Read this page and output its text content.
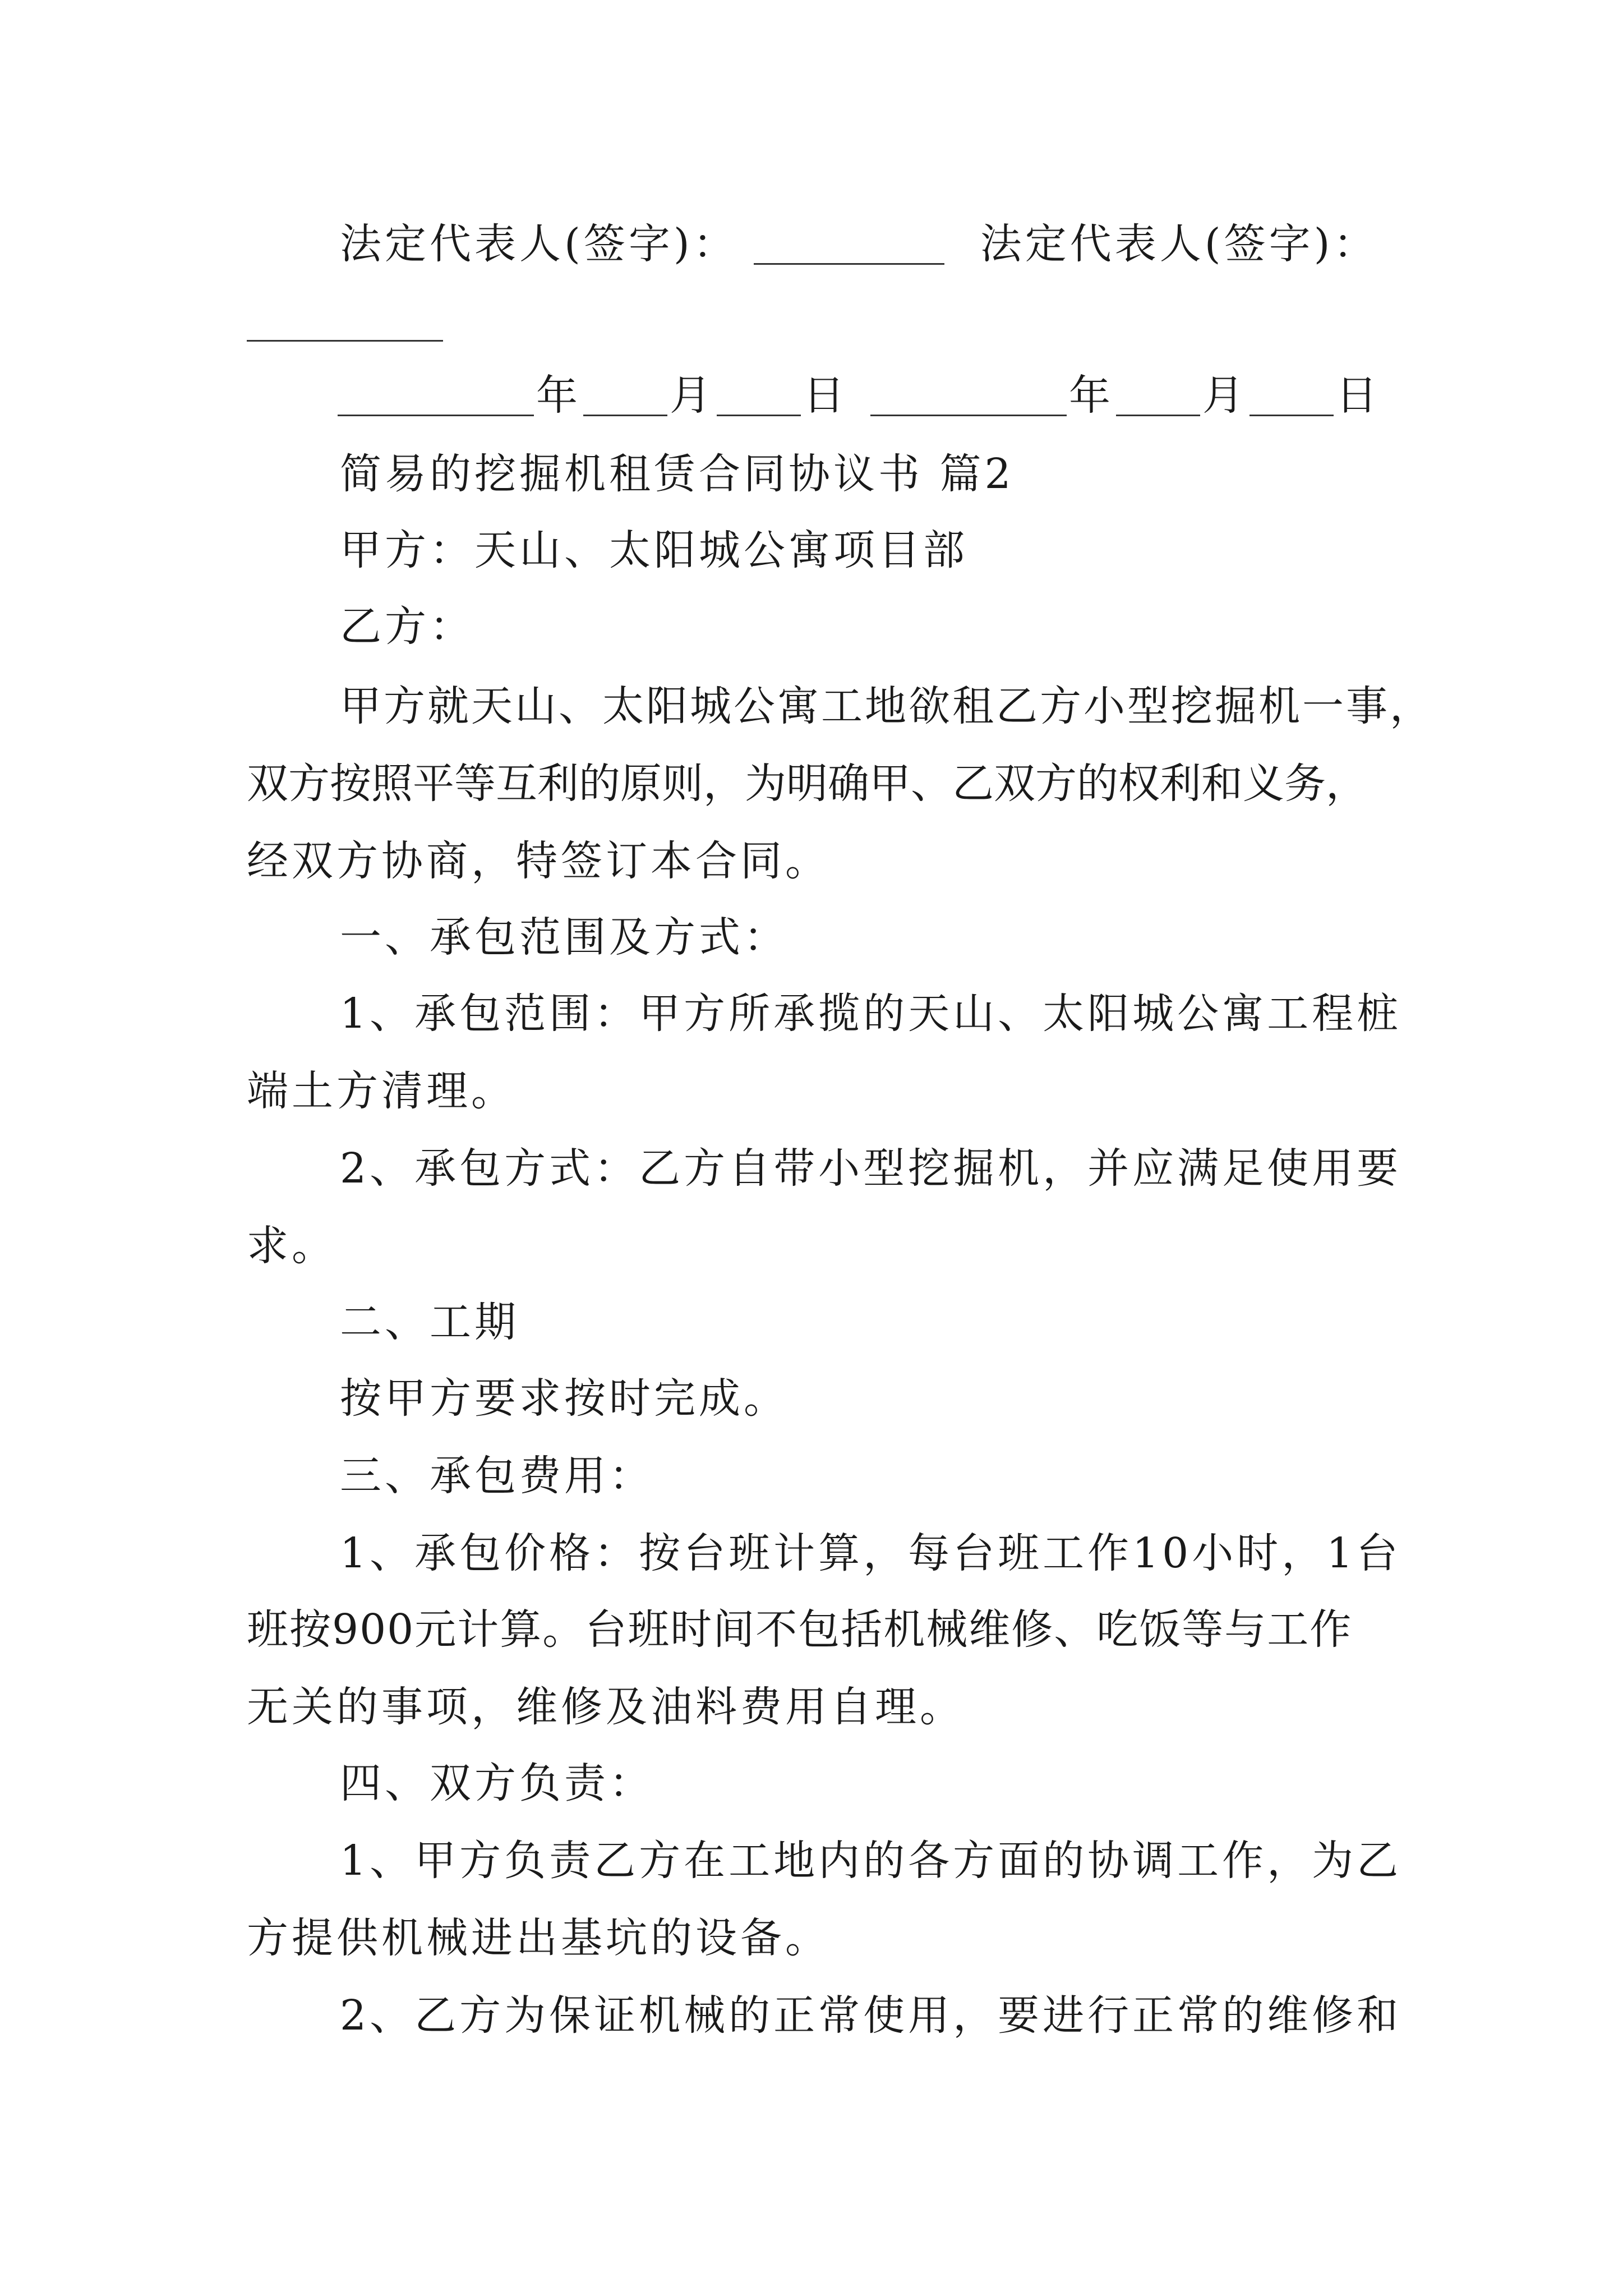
法定代表人(签字)：	法定代表人(签字)：
年 月 日	年 月 日
简易的挖掘机租赁合同协议书 篇2
甲方：天山、太阳城公寓项目部
乙方：
甲方就天山、太阳城公寓工地欲租乙方小型挖掘机一事，
双方按照平等互利的原则，为明确甲、乙双方的权利和义务，
经双方协商，特签订本合同。
一、承包范围及方式：
1、承包范围：甲方所承揽的天山、太阳城公寓工程桩
端土方清理。
2、承包方式：乙方自带小型挖掘机，并应满足使用要
求。
二、工期
按甲方要求按时完成。
三、承包费用：
1、承包价格：按台班计算，每台班工作10小时，1台
班按900元计算。台班时间不包括机械维修、吃饭等与工作
无关的事项，维修及油料费用自理。
四、双方负责：
1、甲方负责乙方在工地内的各方面的协调工作，为乙
方提供机械进出基坑的设备。
2、乙方为保证机械的正常使用，要进行正常的维修和
